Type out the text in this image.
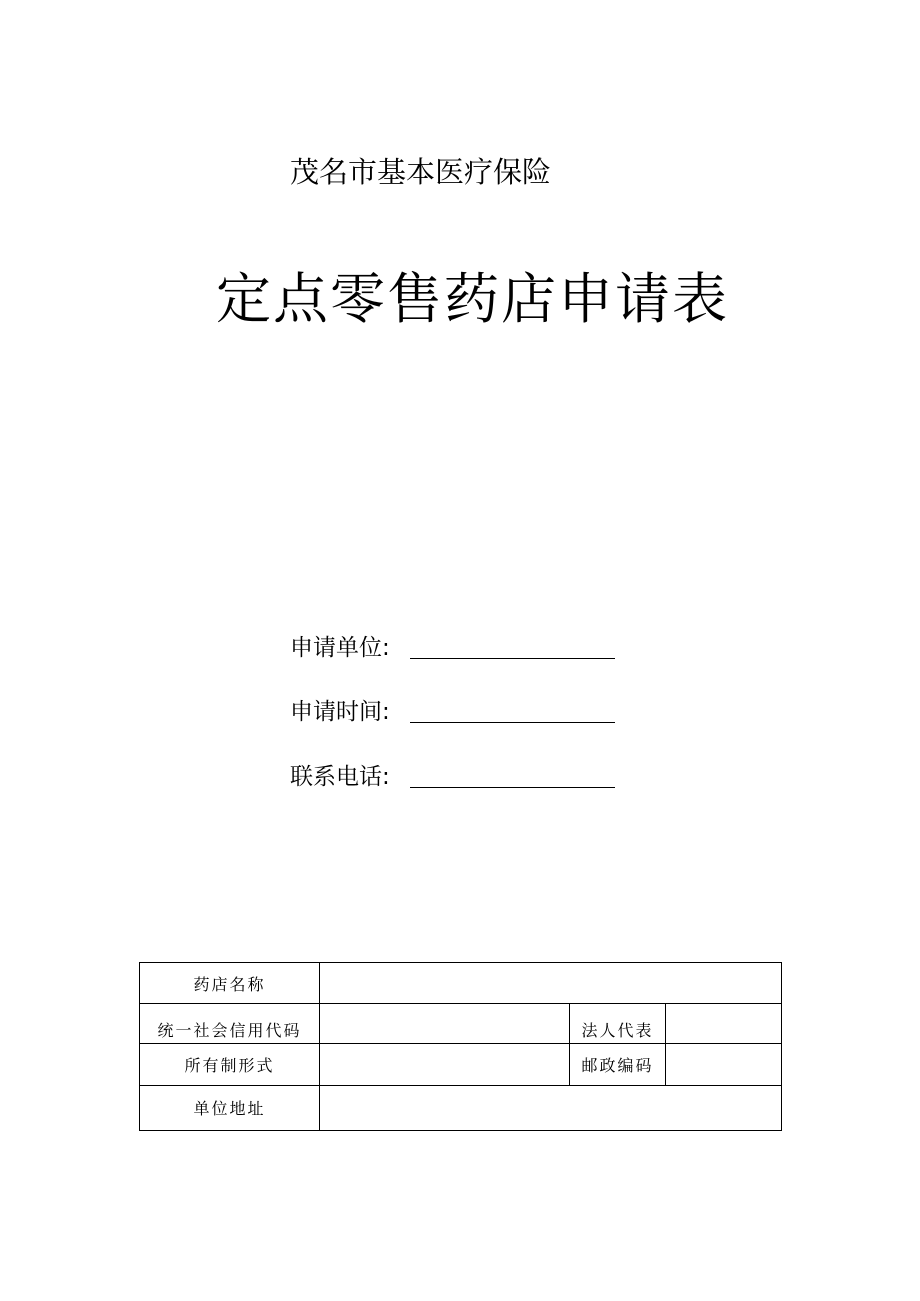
茂名市基本医疗保险
定点零售药店申请表
申请单位:
申请时间:
联系电话:
药店名称			
统一社会信用代码		法人代表	
所有制形式		邮政编码	
单位地址			
